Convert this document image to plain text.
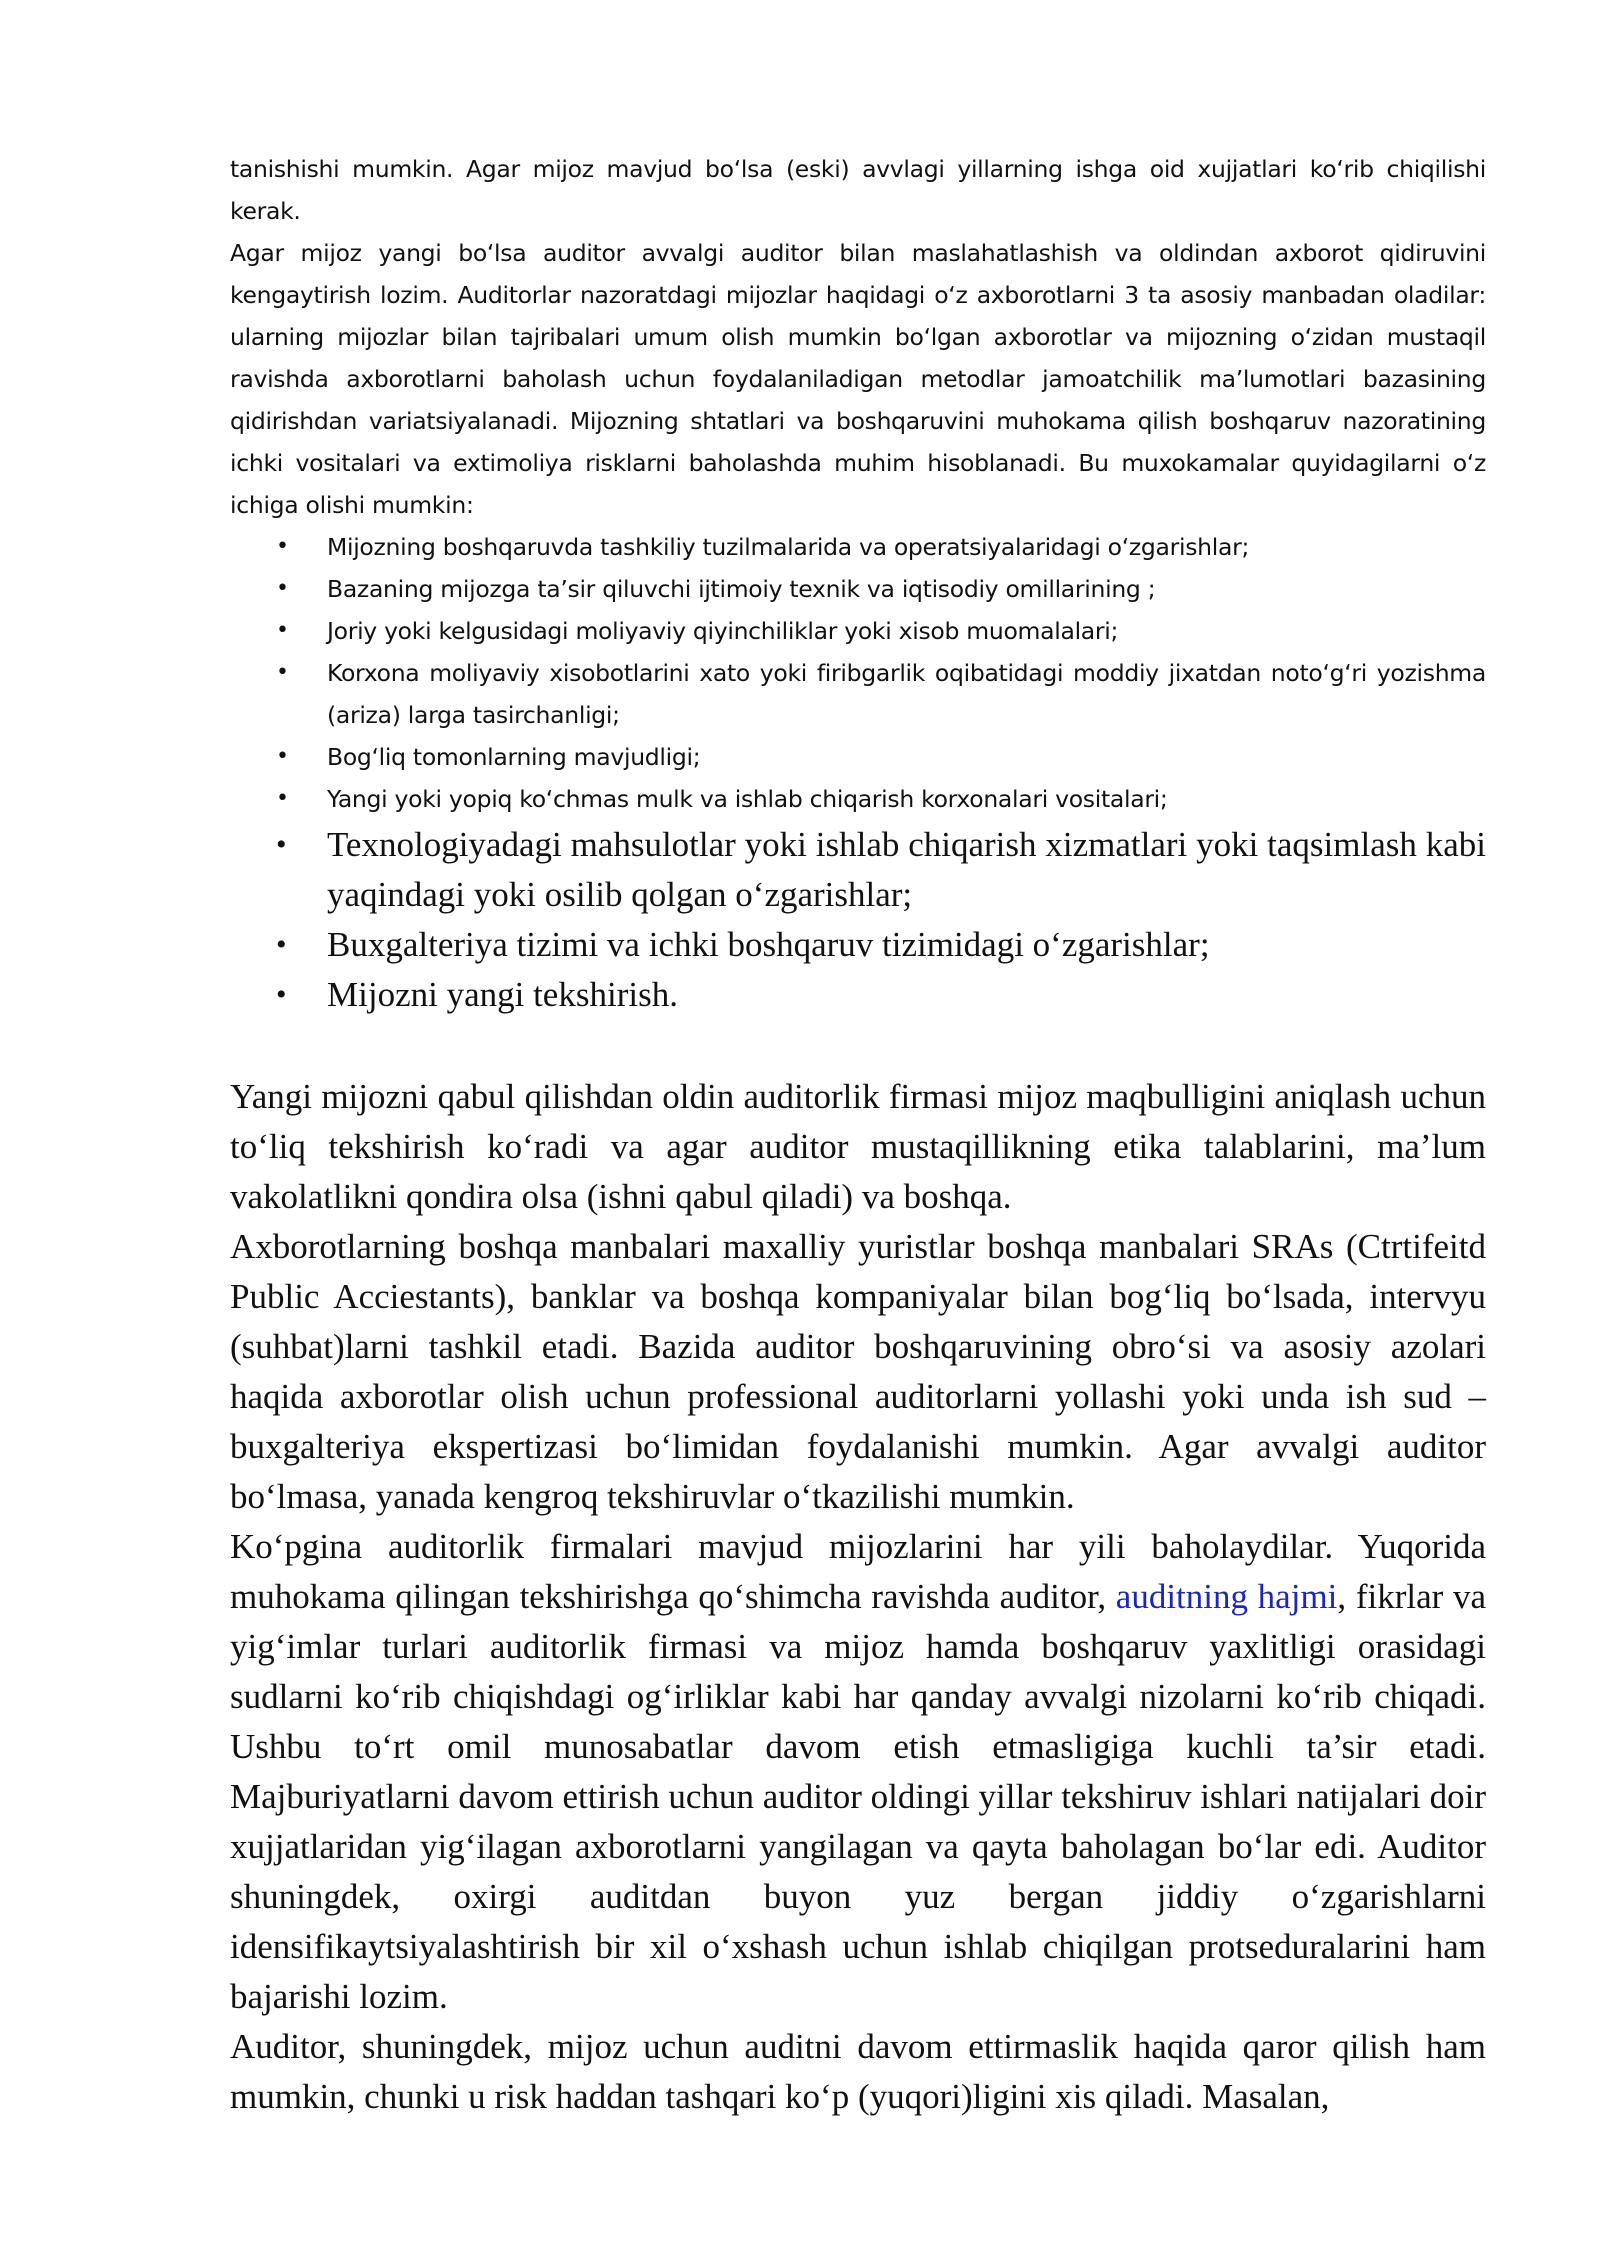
tanishishi mumkin. Agar mijoz mavjud bo‘lsa (eski) avvlagi yillarning ishga oid xujjatlari ko‘rib chiqilishi kerak.

Agar mijoz yangi bo‘lsa auditor avvalgi auditor bilan maslahatlashish va oldindan axborot qidiruvini kengaytirish lozim. Auditorlar nazoratdagi mijozlar haqidagi o‘z axborotlarni 3 ta asosiy manbadan oladilar: ularning mijozlar bilan tajribalari umum olish mumkin bo‘lgan axborotlar va mijozning o‘zidan mustaqil ravishda axborotlarni baholash uchun foydalaniladigan metodlar jamoatchilik ma’lumotlari bazasining qidirishdan variatsiyalanadi. Mijozning shtatlari va boshqaruvini muhokama qilish boshqaruv nazoratining ichki vositalari va extimoliya risklarni baholashda muhim hisoblanadi. Bu muxokamalar quyidagilarni o‘z ichiga olishi mumkin:

• Mijozning boshqaruvda tashkiliy tuzilmalarida va operatsiyalaridagi o‘zgarishlar;
• Bazaning mijozga ta’sir qiluvchi ijtimoiy texnik va iqtisodiy omillarining ;
• Joriy yoki kelgusidagi moliyaviy qiyinchiliklar yoki xisob muomalalari;
• Korxona moliyaviy xisobotlarini xato yoki firibgarlik oqibatidagi moddiy jixatdan noto‘g‘ri yozishma (ariza) larga tasirchanligi;
• Bog‘liq tomonlarning mavjudligi;
• Yangi yoki yopiq ko‘chmas mulk va ishlab chiqarish korxonalari vositalari;
• Texnologiyadagi mahsulotlar yoki ishlab chiqarish xizmatlari yoki taqsimlash kabi yaqindagi yoki osilib qolgan o‘zgarishlar;
• Buxgalteriya tizimi va ichki boshqaruv tizimidagi o‘zgarishlar;
• Mijozni yangi tekshirish.

Yangi mijozni qabul qilishdan oldin auditorlik firmasi mijoz maqbulligini aniqlash uchun to‘liq tekshirish ko‘radi va agar auditor mustaqillikning etika talablarini, ma’lum vakolatlikni qondira olsa (ishni qabul qiladi) va boshqa.

Axborotlarning boshqa manbalari maxalliy yuristlar boshqa manbalari SRAs (Ctrtifeitd Public Acciestants), banklar va boshqa kompaniyalar bilan bog‘liq bo‘lsada, intervyu (suhbat)larni tashkil etadi. Bazida auditor boshqaruvining obro‘si va asosiy azolari haqida axborotlar olish uchun professional auditorlarni yollashi yoki unda ish sud – buxgalteriya ekspertizasi bo‘limidan foydalanishi mumkin. Agar avvalgi auditor bo‘lmasa, yanada kengroq tekshiruvlar o‘tkazilishi mumkin.

Ko‘pgina auditorlik firmalari mavjud mijozlarini har yili baholaydilar. Yuqorida muhokama qilingan tekshirishga qo‘shimcha ravishda auditor, auditning hajmi, fikrlar va yig‘imlar turlari auditorlik firmasi va mijoz hamda boshqaruv yaxlitligi orasidagi sudlarni ko‘rib chiqishdagi og‘irliklar kabi har qanday avvalgi nizolarni ko‘rib chiqadi. Ushbu to‘rt omil munosabatlar davom etish etmasligiga kuchli ta’sir etadi. Majburiyatlarni davom ettirish uchun auditor oldingi yillar tekshiruv ishlari natijalari doir xujjatlaridan yig‘ilagan axborotlarni yangilagan va qayta baholagan bo‘lar edi. Auditor shuningdek, oxirgi auditdan buyon yuz bergan jiddiy o‘zgarishlarni idensifikaytsiyalashtirish bir xil o‘xshash uchun ishlab chiqilgan protseduralarini ham bajarishi lozim.

Auditor, shuningdek, mijoz uchun auditni davom ettirmaslik haqida qaror qilish ham mumkin, chunki u risk haddan tashqari ko‘p (yuqori)ligini xis qiladi. Masalan,
